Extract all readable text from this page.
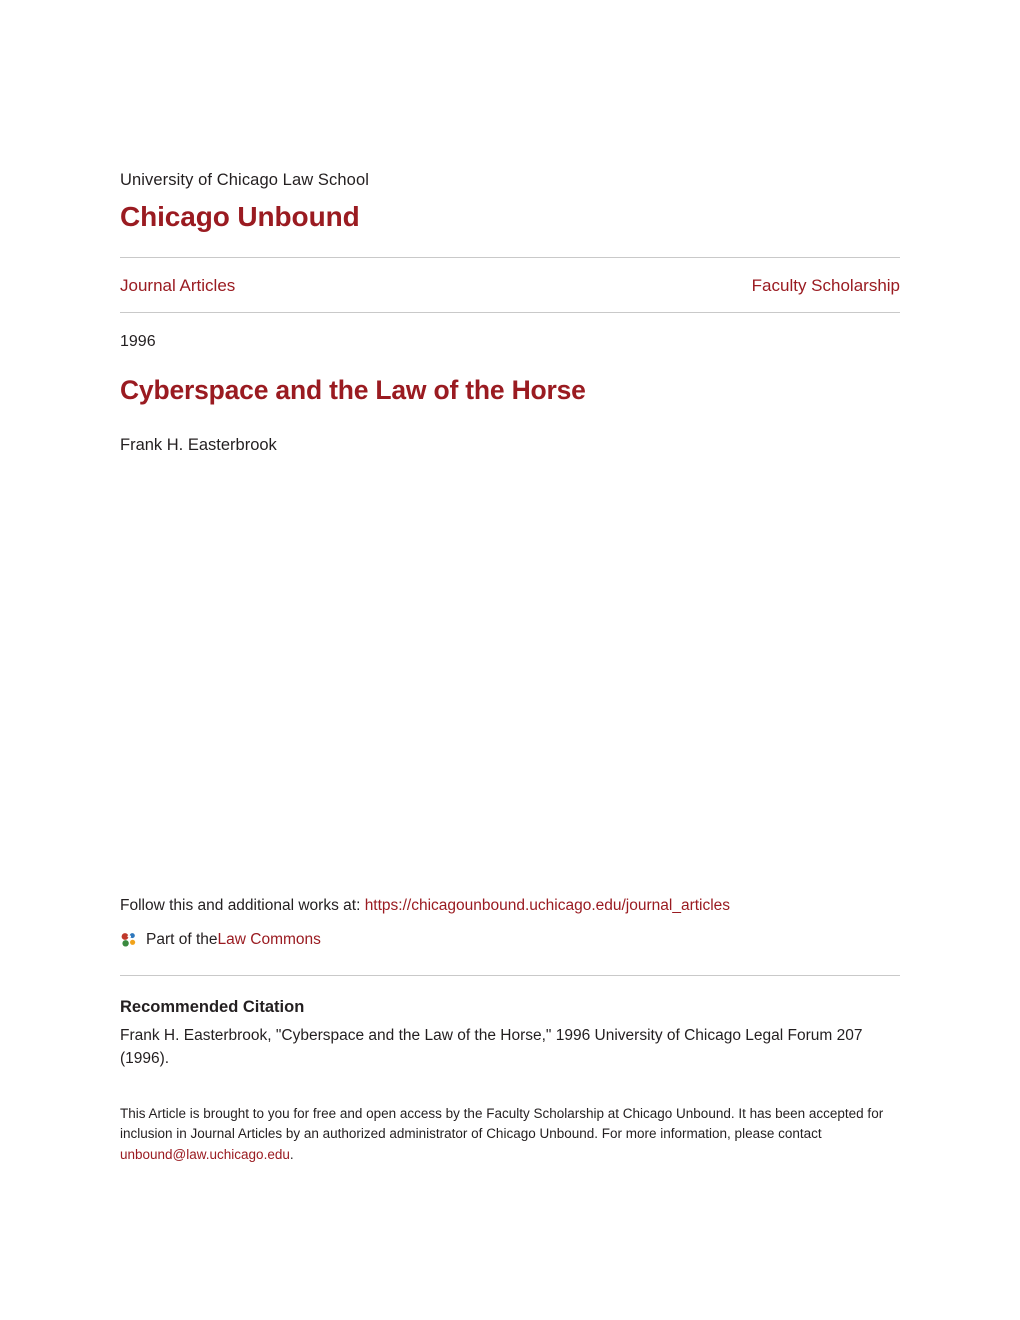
University of Chicago Law School
Chicago Unbound
Journal Articles	Faculty Scholarship
1996
Cyberspace and the Law of the Horse
Frank H. Easterbrook
Follow this and additional works at: https://chicagounbound.uchicago.edu/journal_articles
Part of the Law Commons
Recommended Citation
Frank H. Easterbrook, "Cyberspace and the Law of the Horse," 1996 University of Chicago Legal Forum 207 (1996).
This Article is brought to you for free and open access by the Faculty Scholarship at Chicago Unbound. It has been accepted for inclusion in Journal Articles by an authorized administrator of Chicago Unbound. For more information, please contact unbound@law.uchicago.edu.
